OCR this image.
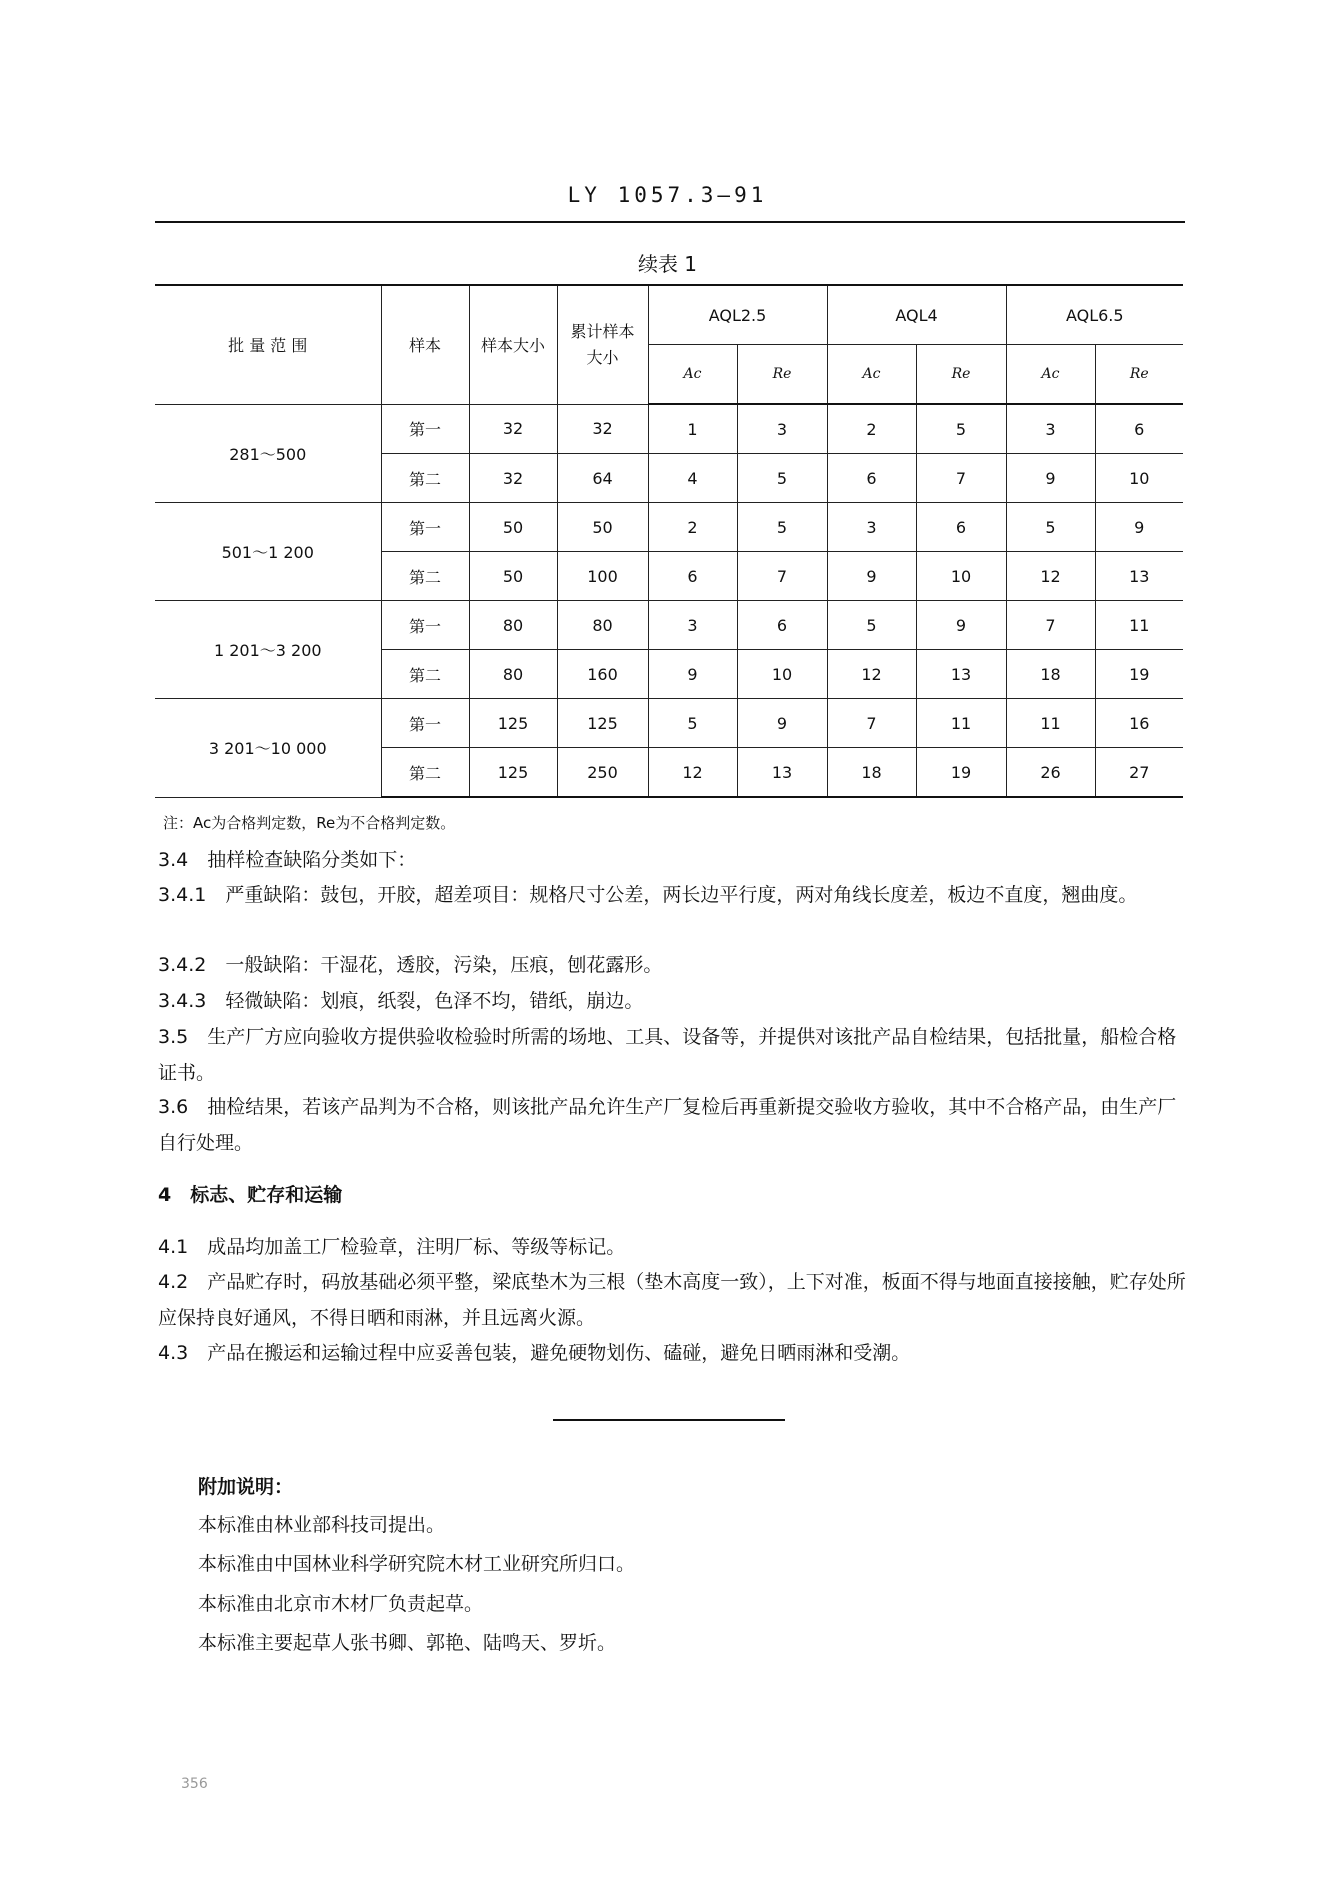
LY 1057.3—91
续表 1
批 量 范 围	样本	样本大小	累计样本大小	AQL2.5		AQL4		AQL6.5	
				Ac	Re	Ac	Re	Ac	Re
281～500	第一	32	32	1	3	2	5	3	6
	第二	32	64	4	5	6	7	9	10
501～1 200	第一	50	50	2	5	3	6	5	9
	第二	50	100	6	7	9	10	12	13
1 201～3 200	第一	80	80	3	6	5	9	7	11
	第二	80	160	9	10	12	13	18	19
3 201～10 000	第一	125	125	5	9	7	11	11	16
	第二	125	250	12	13	18	19	26	27
注：Ac为合格判定数，Re为不合格判定数。
3.4　抽样检查缺陷分类如下：
3.4.1　严重缺陷：鼓包，开胶，超差项目：规格尺寸公差，两长边平行度，两对角线长度差，板边不直度，翘曲度。
3.4.2　一般缺陷：干湿花，透胶，污染，压痕，刨花露形。
3.4.3　轻微缺陷：划痕，纸裂，色泽不均，错纸，崩边。
3.5　生产厂方应向验收方提供验收检验时所需的场地、工具、设备等，并提供对该批产品自检结果，包括批量，船检合格证书。
3.6　抽检结果，若该产品判为不合格，则该批产品允许生产厂复检后再重新提交验收方验收，其中不合格产品，由生产厂自行处理。
4　标志、贮存和运输
4.1　成品均加盖工厂检验章，注明厂标、等级等标记。
4.2　产品贮存时，码放基础必须平整，梁底垫木为三根（垫木高度一致），上下对准，板面不得与地面直接接触，贮存处所应保持良好通风，不得日晒和雨淋，并且远离火源。
4.3　产品在搬运和运输过程中应妥善包装，避免硬物划伤、磕碰，避免日晒雨淋和受潮。
附加说明：
本标准由林业部科技司提出。
本标准由中国林业科学研究院木材工业研究所归口。
本标准由北京市木材厂负责起草。
本标准主要起草人张书卿、郭艳、陆鸣天、罗圻。
356
